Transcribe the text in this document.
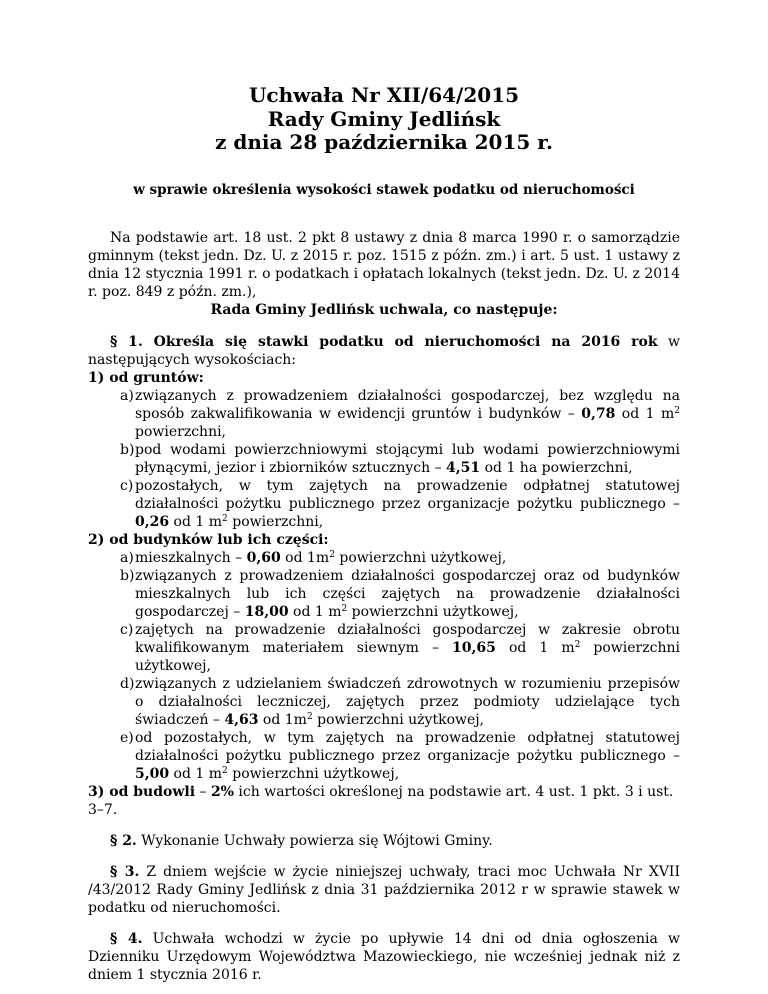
Uchwała Nr XII/64/2015
Rady Gminy Jedlińsk
z dnia 28 października 2015 r.
w sprawie określenia wysokości stawek podatku od nieruchomości

Na podstawie art. 18 ust. 2 pkt 8 ustawy z dnia 8 marca 1990 r. o samorządzie gminnym (tekst jedn. Dz. U. z 2015 r. poz. 1515 z późn. zm.) i art. 5 ust. 1 ustawy z dnia 12 stycznia 1991 r. o podatkach i opłatach lokalnych (tekst jedn. Dz. U. z 2014 r. poz. 849 z późn. zm.),

Rada Gminy Jedlińsk uchwala, co następuje:

§ 1. Określa się stawki podatku od nieruchomości na 2016 rok w następujących wysokościach:

1) od gruntów:

a) związanych z prowadzeniem działalności gospodarczej, bez względu na sposób zakwalifikowania w ewidencji gruntów i budynków – 0,78 od 1 $m^2$ powierzchni,

b) pod wodami powierzchniowymi stojącymi lub wodami powierzchniowymi płynącymi, jezior i zbiorników sztucznych – 4,51 od 1 ha powierzchni,

c) pozostałych, w tym zajętych na prowadzenie odpłatnej statutowej działalności pożytku publicznego przez organizacje pożytku publicznego – 0,26 od 1 $m^2$ powierzchni,

2) od budynków lub ich części:

a) mieszkalnych – 0,60 od $1m^2$ powierzchni użytkowej,

b) związanych z prowadzeniem działalności gospodarczej oraz od budynków mieszkalnych lub ich części zajętych na prowadzenie działalności gospodarczej – 18,00 od 1 $m^2$ powierzchni użytkowej,

c) zajętych na prowadzenie działalności gospodarczej w zakresie obrotu kwalifikowanym materiałem siewnym – 10,65 od 1 $m^2$ powierzchni użytkowej,

d) związanych z udzielaniem świadczeń zdrowotnych w rozumieniu przepisów o działalności leczniczej, zajętych przez podmioty udzielające tych świadczeń – 4,63 od $1m^2$ powierzchni użytkowej,

e) od pozostałych, w tym zajętych na prowadzenie odpłatnej statutowej działalności pożytku publicznego przez organizacje pożytku publicznego – 5,00 od 1 $m^2$ powierzchni użytkowej,

3) od budowli – 2% ich wartości określonej na podstawie art. 4 ust. 1 pkt. 3 i ust. 3–7.

§ 2. Wykonanie Uchwały powierza się Wójtowi Gminy.

§ 3. Z dniem wejście w życie niniejszej uchwały, traci moc Uchwała Nr XVII /43/2012 Rady Gminy Jedlińsk z dnia 31 października 2012 r w sprawie stawek w podatku od nieruchomości.

§ 4. Uchwała wchodzi w życie po upływie 14 dni od dnia ogłoszenia w Dzienniku Urzędowym Województwa Mazowieckiego, nie wcześniej jednak niż z dniem 1 stycznia 2016 r.
